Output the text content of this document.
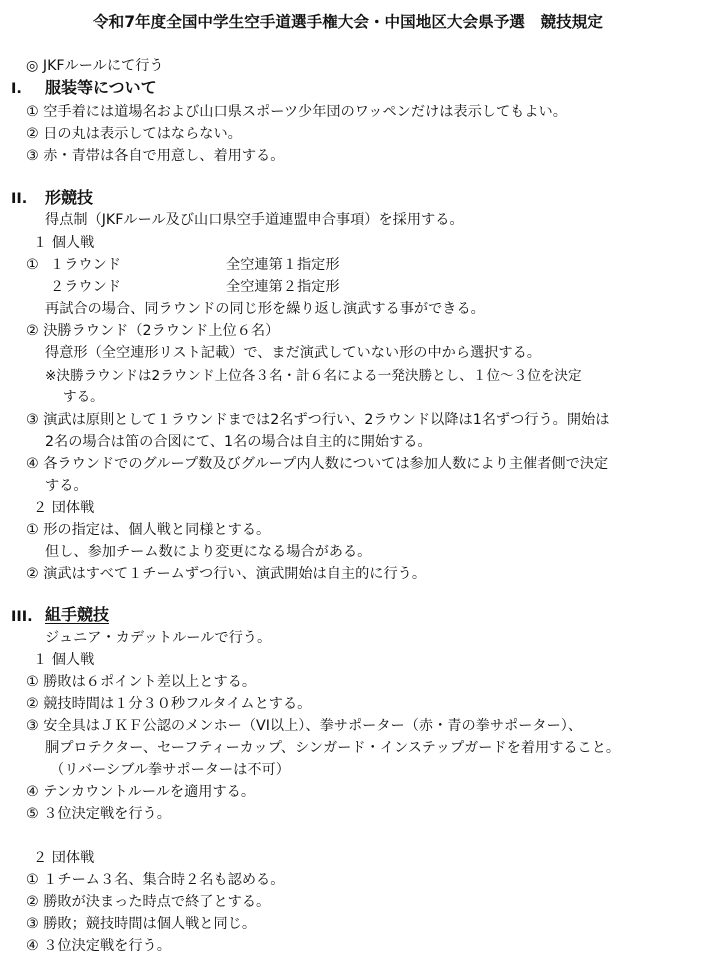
令和7年度全国中学生空手道選手権大会・中国地区大会県予選　競技規定
◎ JKFルールにて行う
I. 服装等について
① 空手着には道場名および山口県スポーツ少年団のワッペンだけは表示してもよい。
② 日の丸は表示してはならない。
③ 赤・青帯は各自で用意し、着用する。
II. 形競技
得点制（JKFルール及び山口県空手道連盟申合事項）を採用する。
１ 個人戦
① １ラウンド	全空連第１指定形
２ラウンド	全空連第２指定形
再試合の場合、同ラウンドの同じ形を繰り返し演武する事ができる。
② 決勝ラウンド（2ラウンド上位６名）
得意形（全空連形リスト記載）で、まだ演武していない形の中から選択する。
※決勝ラウンドは2ラウンド上位各３名・計６名による一発決勝とし、１位～３位を決定
する。
③ 演武は原則として１ラウンドまでは2名ずつ行い、2ラウンド以降は1名ずつ行う。開始は
2名の場合は笛の合図にて、1名の場合は自主的に開始する。
④ 各ラウンドでのグループ数及びグループ内人数については参加人数により主催者側で決定
する。
２ 団体戦
① 形の指定は、個人戦と同様とする。
但し、参加チーム数により変更になる場合がある。
② 演武はすべて１チームずつ行い、演武開始は自主的に行う。
III. 組手競技
ジュニア・カデットルールで行う。
１ 個人戦
① 勝敗は６ポイント差以上とする。
② 競技時間は１分３０秒フルタイムとする。
③ 安全具はＪＫＦ公認のメンホー（VI以上）、拳サポーター（赤・青の拳サポーター）、
胴プロテクター、セーフティーカップ、シンガード・インステップガードを着用すること。
（リバーシブル拳サポーターは不可）
④ テンカウントルールを適用する。
⑤ ３位決定戦を行う。
２ 団体戦
① １チーム３名、集合時２名も認める。
② 勝敗が決まった時点で終了とする。
③ 勝敗；競技時間は個人戦と同じ。
④ ３位決定戦を行う。
